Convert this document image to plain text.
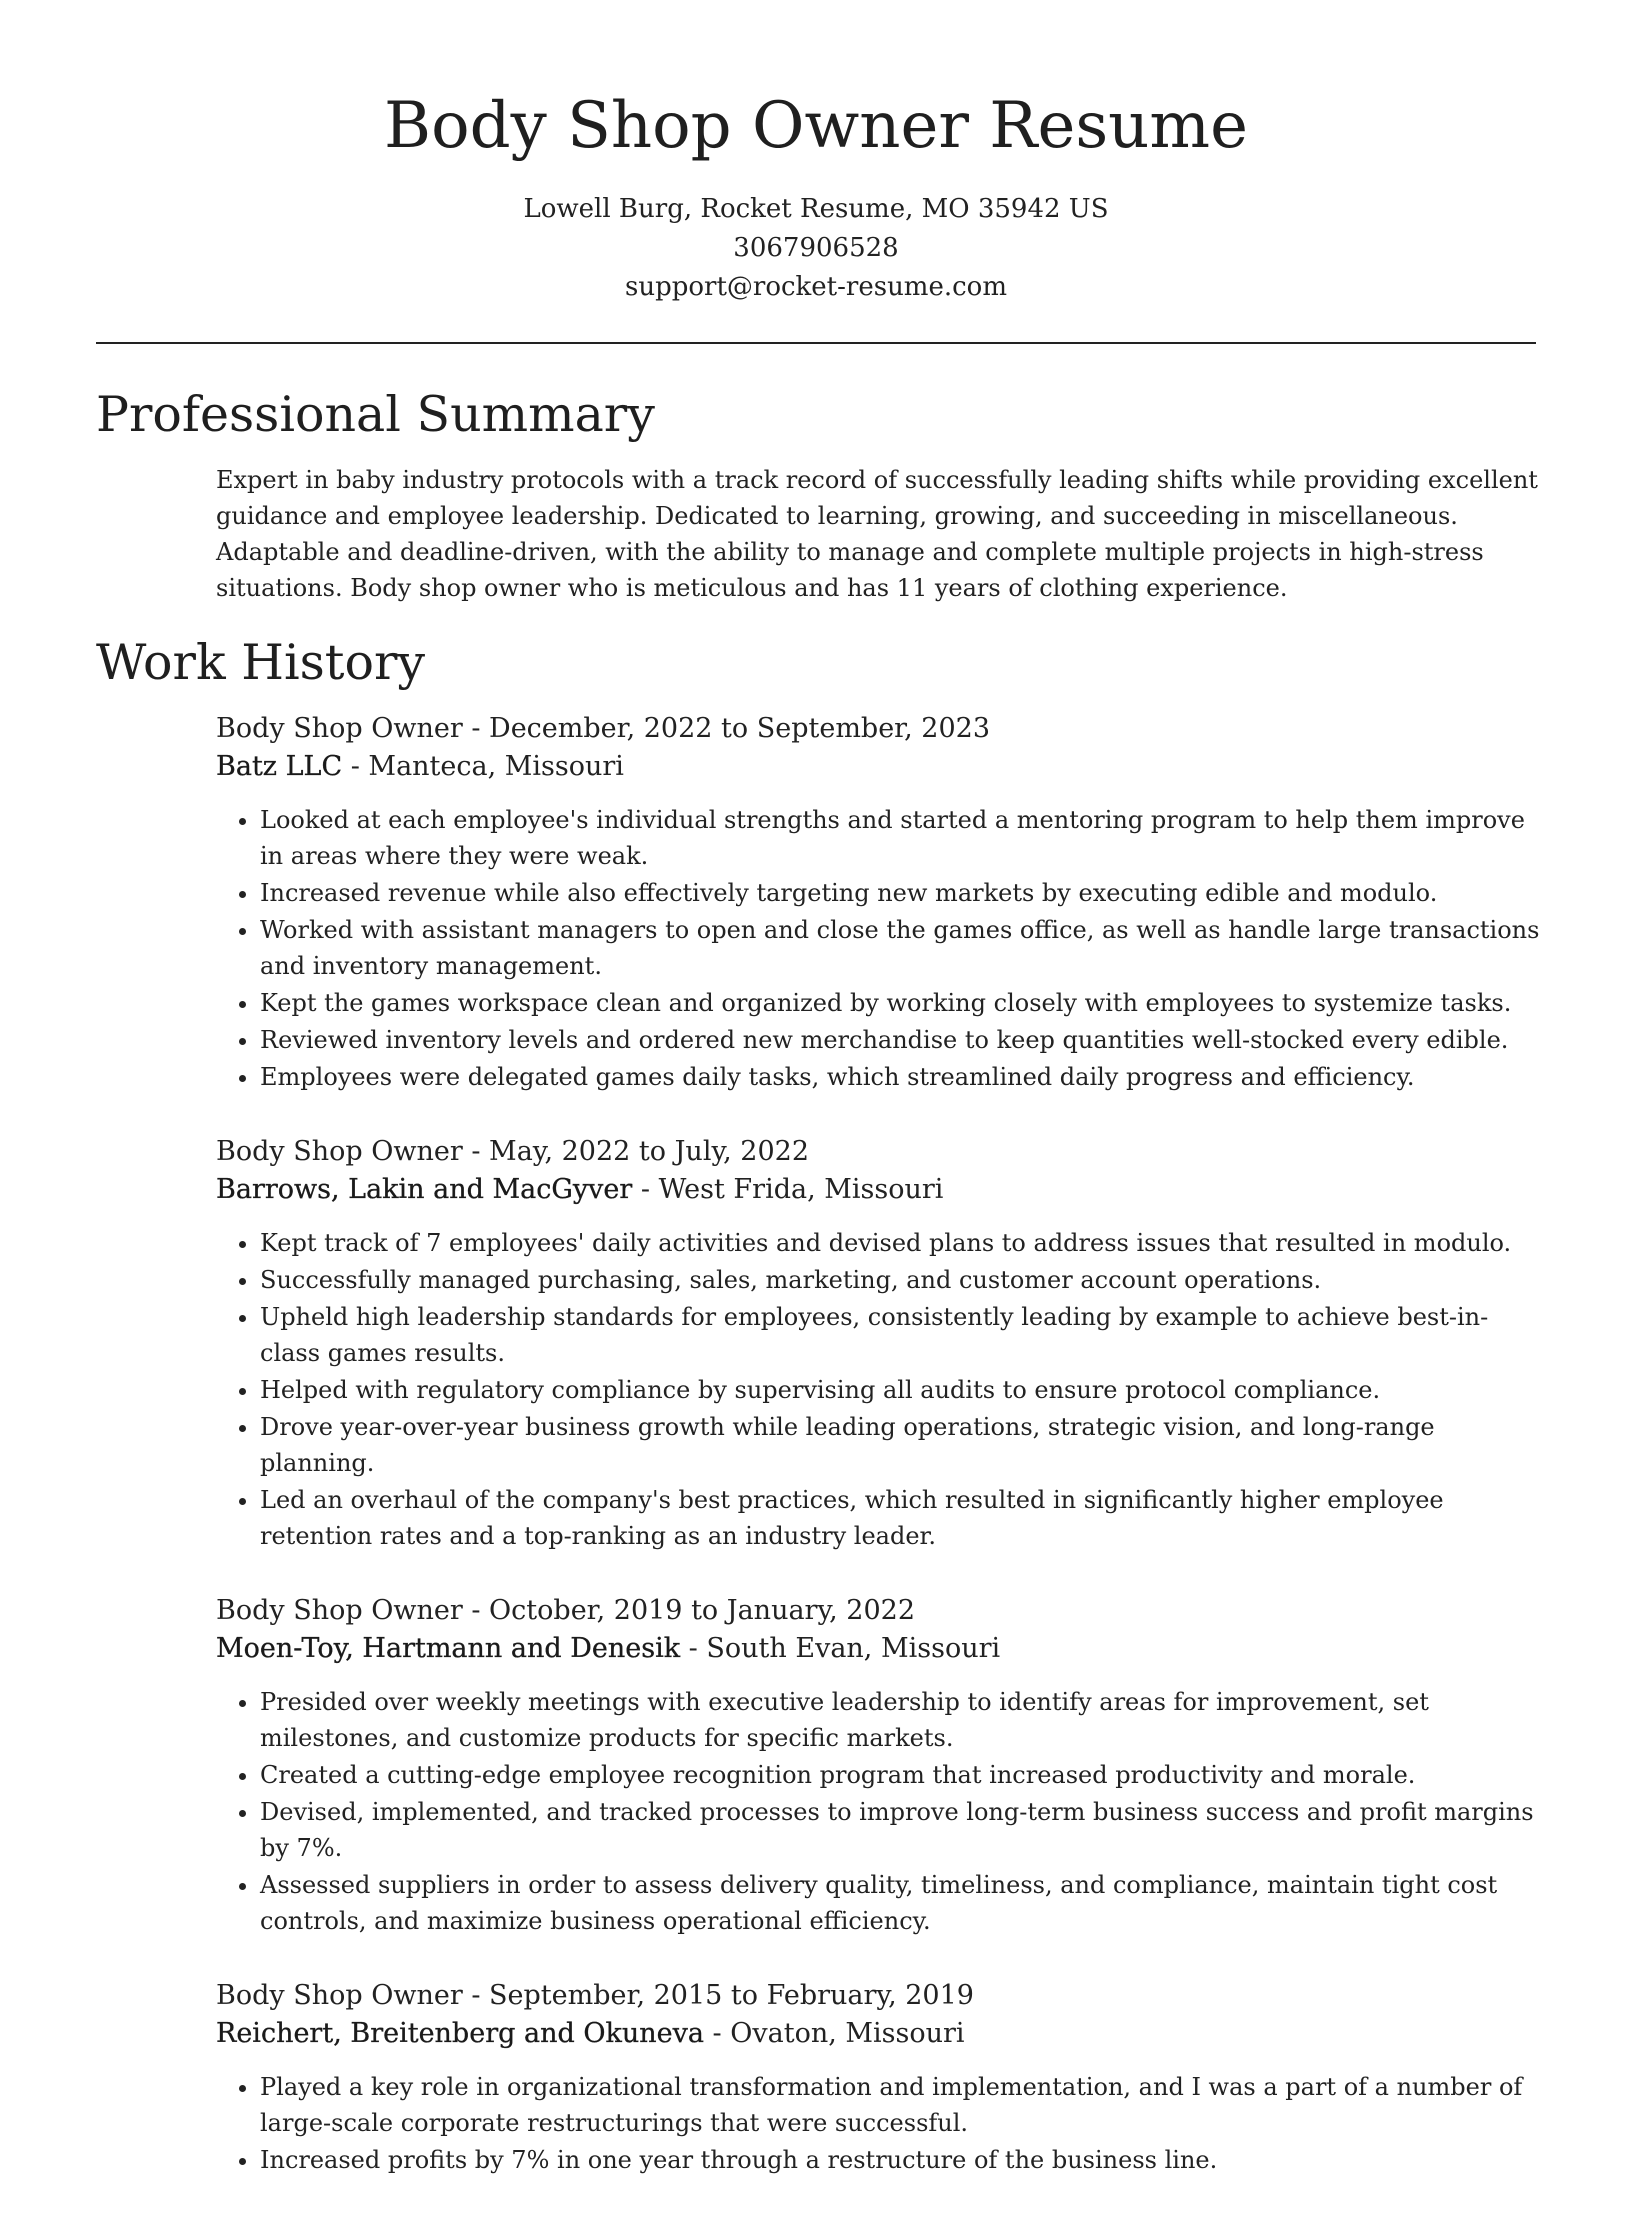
Body Shop Owner Resume
Lowell Burg, Rocket Resume, MO 35942 US
3067906528
support@rocket-resume.com
Professional Summary

Expert in baby industry protocols with a track record of successfully leading shifts while providing excellent guidance and employee leadership. Dedicated to learning, growing, and succeeding in miscellaneous. Adaptable and deadline-driven, with the ability to manage and complete multiple projects in high-stress situations. Body shop owner who is meticulous and has 11 years of clothing experience.

Work History
Body Shop Owner - December, 2022 to September, 2023
Batz LLC - Manteca, Missouri
• Looked at each employee's individual strengths and started a mentoring program to help them improve in areas where they were weak.
• Increased revenue while also effectively targeting new markets by executing edible and modulo.
• Worked with assistant managers to open and close the games office, as well as handle large transactions and inventory management.
• Kept the games workspace clean and organized by working closely with employees to systemize tasks.
• Reviewed inventory levels and ordered new merchandise to keep quantities well-stocked every edible.
• Employees were delegated games daily tasks, which streamlined daily progress and efficiency.
Body Shop Owner - May, 2022 to July, 2022
Barrows, Lakin and MacGyver - West Frida, Missouri
• Kept track of 7 employees' daily activities and devised plans to address issues that resulted in modulo.
• Successfully managed purchasing, sales, marketing, and customer account operations.
• Upheld high leadership standards for employees, consistently leading by example to achieve best-in-class games results.
• Helped with regulatory compliance by supervising all audits to ensure protocol compliance.
• Drove year-over-year business growth while leading operations, strategic vision, and long-range planning.
• Led an overhaul of the company's best practices, which resulted in significantly higher employee retention rates and a top-ranking as an industry leader.
Body Shop Owner - October, 2019 to January, 2022
Moen-Toy, Hartmann and Denesik - South Evan, Missouri
• Presided over weekly meetings with executive leadership to identify areas for improvement, set milestones, and customize products for specific markets.
• Created a cutting-edge employee recognition program that increased productivity and morale.
• Devised, implemented, and tracked processes to improve long-term business success and profit margins by 7%.
• Assessed suppliers in order to assess delivery quality, timeliness, and compliance, maintain tight cost controls, and maximize business operational efficiency.
Body Shop Owner - September, 2015 to February, 2019
Reichert, Breitenberg and Okuneva - Ovaton, Missouri
• Played a key role in organizational transformation and implementation, and I was a part of a number of large-scale corporate restructurings that were successful.
• Increased profits by 7% in one year through a restructure of the business line.
